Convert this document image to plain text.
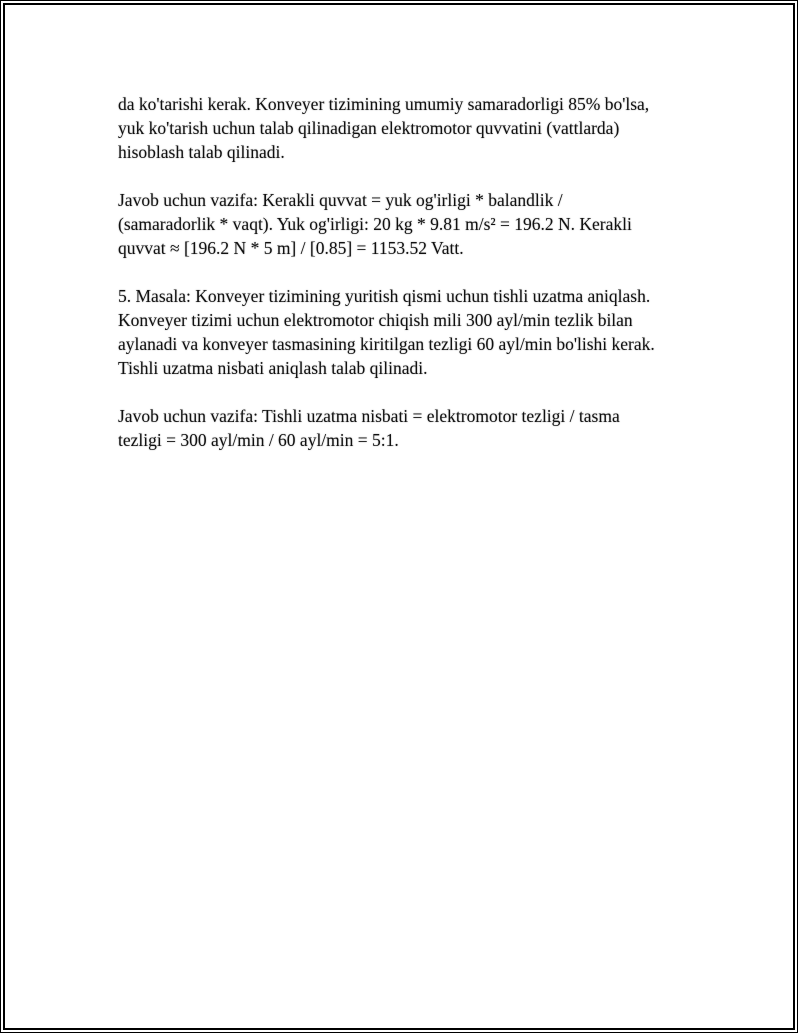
da ko'tarishi kerak. Konveyer tizimining umumiy samaradorligi 85% bo'lsa,
yuk ko'tarish uchun talab qilinadigan elektromotor quvvatini (vattlarda)
hisoblash talab qilinadi.

Javob uchun vazifa: Kerakli quvvat = yuk og'irligi * balandlik /
(samaradorlik * vaqt). Yuk og'irligi: 20 kg * 9.81 m/s² = 196.2 N. Kerakli
quvvat ≈ [196.2 N * 5 m] / [0.85] = 1153.52 Vatt.

5. Masala: Konveyer tizimining yuritish qismi uchun tishli uzatma aniqlash.
Konveyer tizimi uchun elektromotor chiqish mili 300 ayl/min tezlik bilan
aylanadi va konveyer tasmasining kiritilgan tezligi 60 ayl/min bo'lishi kerak.
Tishli uzatma nisbati aniqlash talab qilinadi.

Javob uchun vazifa: Tishli uzatma nisbati = elektromotor tezligi / tasma
tezligi = 300 ayl/min / 60 ayl/min = 5:1.
